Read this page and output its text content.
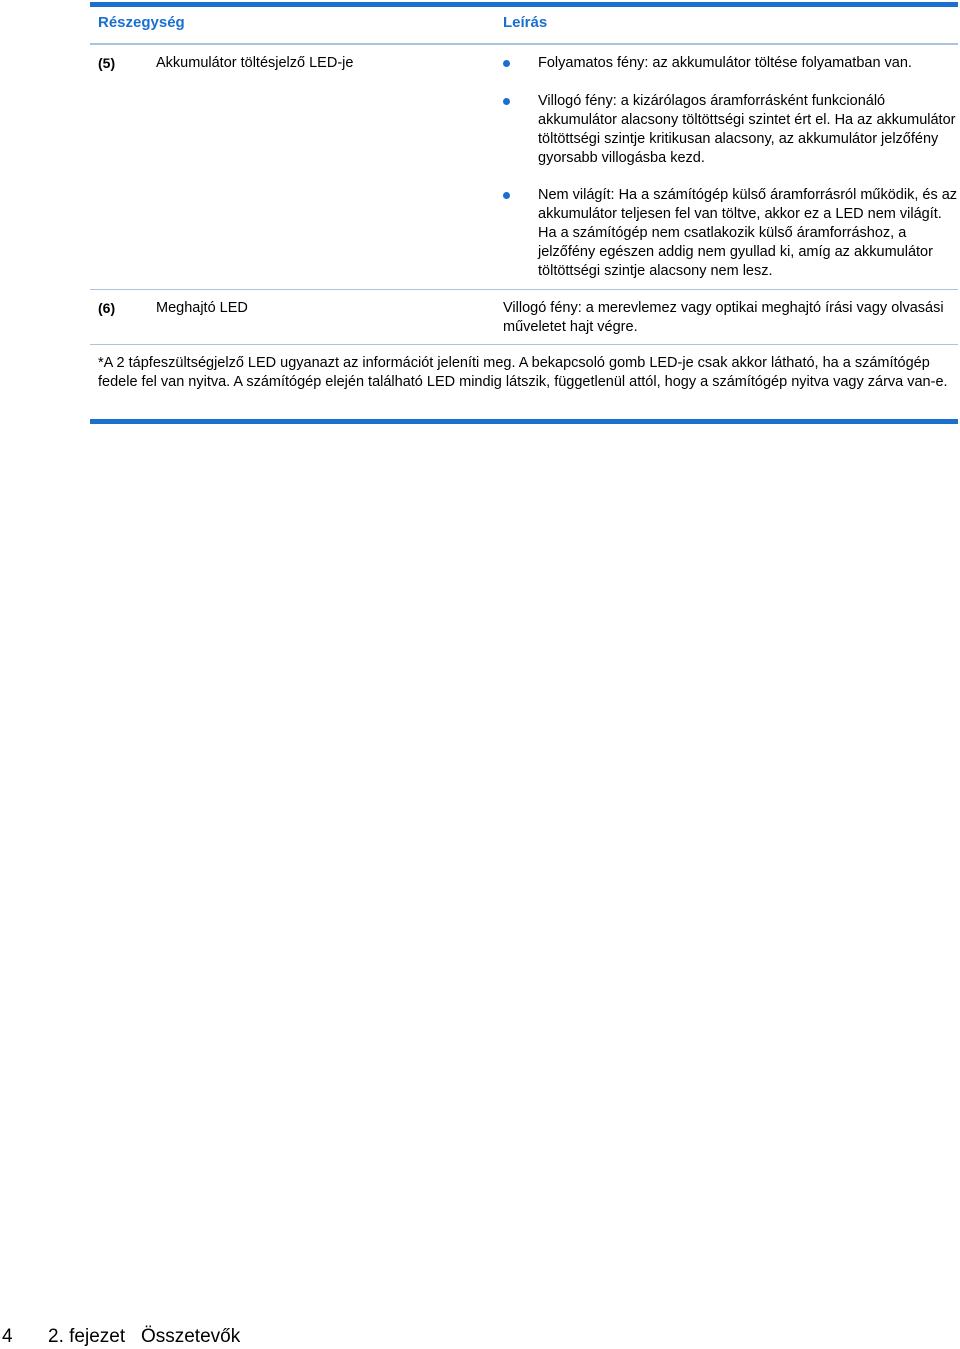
Részegység	Leírás
(5)	Akkumulátor töltésjelző LED-je	Folyamatos fény: az akkumulátor töltése folyamatban van.
Villogó fény: a kizárólagos áramforrásként funkcionáló akkumulátor alacsony töltöttségi szintet ért el. Ha az akkumulátor töltöttségi szintje kritikusan alacsony, az akkumulátor jelzőfény gyorsabb villogásba kezd.
Nem világít: Ha a számítógép külső áramforrásról működik, és az akkumulátor teljesen fel van töltve, akkor ez a LED nem világít. Ha a számítógép nem csatlakozik külső áramforráshoz, a jelzőfény egészen addig nem gyullad ki, amíg az akkumulátor töltöttségi szintje alacsony nem lesz.
(6)	Meghajtó LED	Villogó fény: a merevlemez vagy optikai meghajtó írási vagy olvasási műveletet hajt végre.
*A 2 tápfeszültségjelző LED ugyanazt az információt jeleníti meg. A bekapcsoló gomb LED-je csak akkor látható, ha a számítógép fedele fel van nyitva. A számítógép elején található LED mindig látszik, függetlenül attól, hogy a számítógép nyitva vagy zárva van-e.
4 2. fejezet   Összetevők
